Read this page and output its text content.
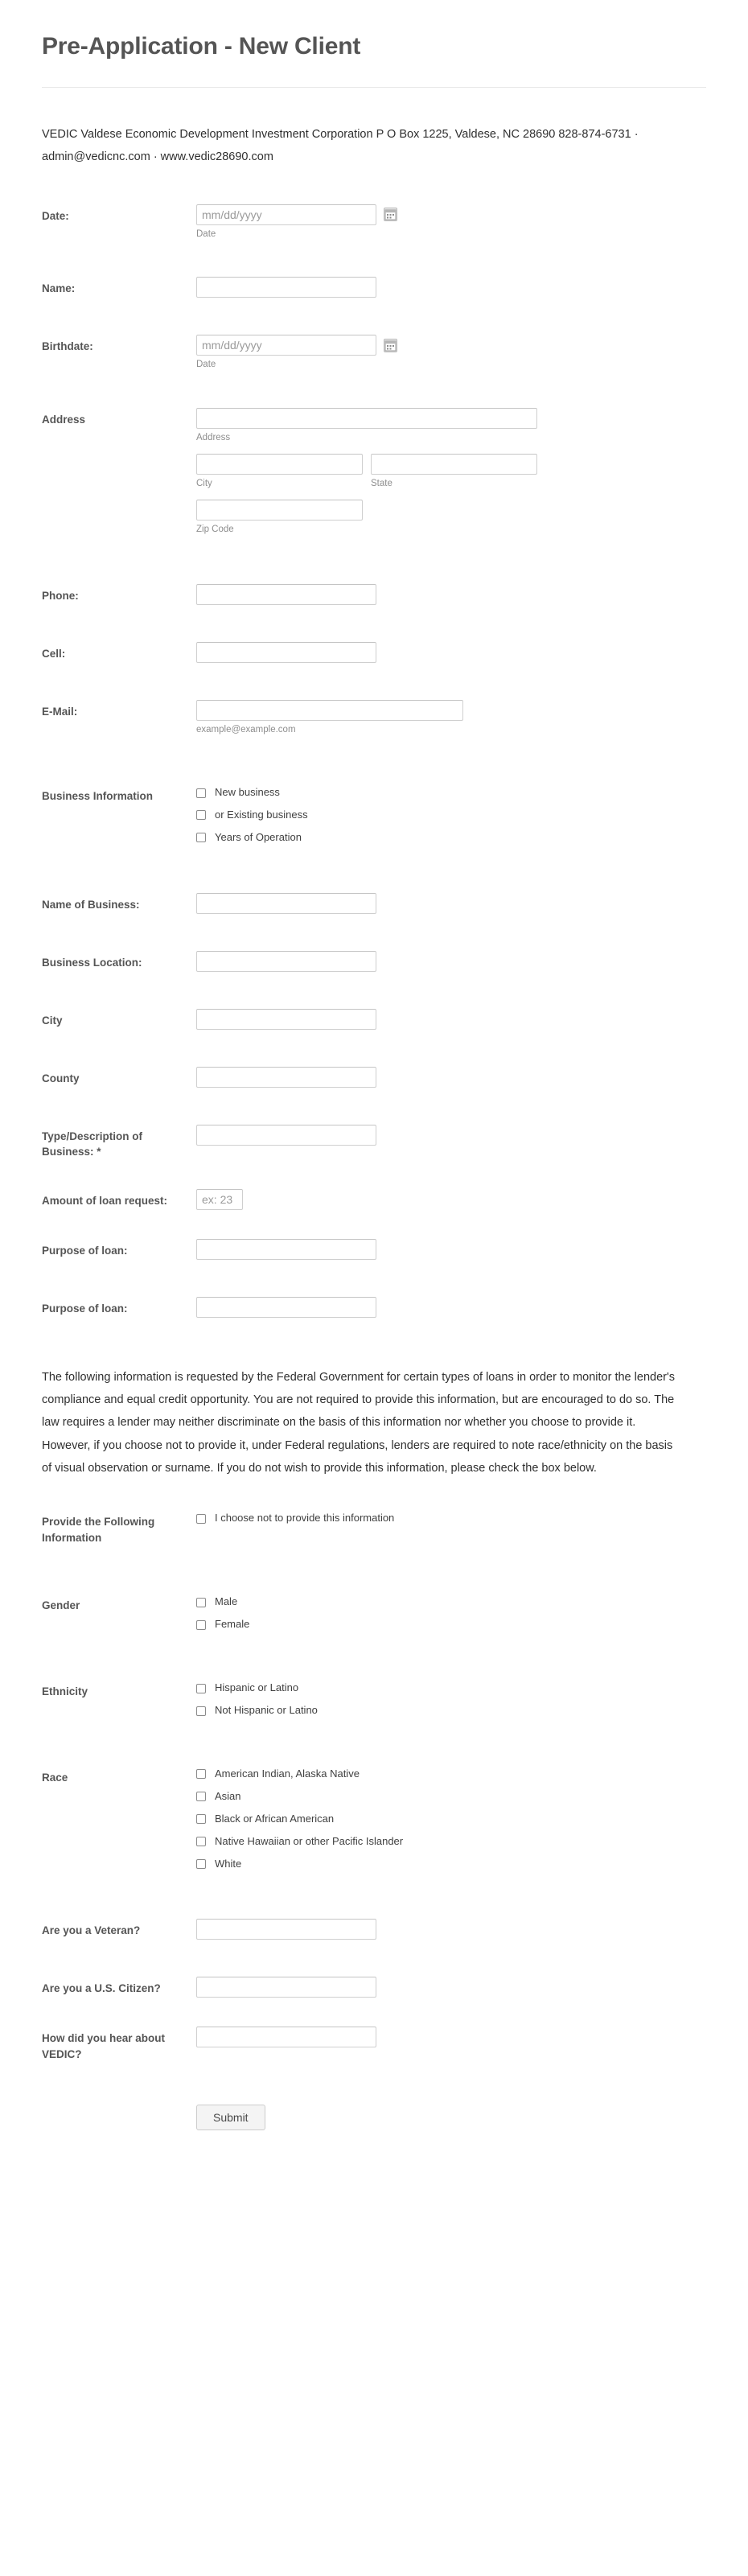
Pre-Application - New Client

VEDIC Valdese Economic Development Investment Corporation P O Box 1225, Valdese, NC 28690 828-874-6731 · admin@vedicnc.com · www.vedic28690.com

Date:
mm/dd/yyyy
Date
Name:
Birthdate:
mm/dd/yyyy
Date
Address
Address
City	State
Zip Code
Phone:
Cell:
E-Mail:
example@example.com
Business Information	New business
or Existing business
Years of Operation
Name of Business:
Business Location:
City
County
Type/Description of Business: *
Amount of loan request:
ex: 23
Purpose of loan:
Purpose of loan:

The following information is requested by the Federal Government for certain types of loans in order to monitor the lender's compliance and equal credit opportunity. You are not required to provide this information, but are encouraged to do so. The law requires a lender may neither discriminate on the basis of this information nor whether you choose to provide it. However, if you choose not to provide it, under Federal regulations, lenders are required to note race/ethnicity on the basis of visual observation or surname. If you do not wish to provide this information, please check the box below.

Provide the Following Information
I choose not to provide this information
Gender	Male
Female
Ethnicity	Hispanic or Latino
Not Hispanic or Latino
Race	American Indian, Alaska Native
Asian
Black or African American
Native Hawaiian or other Pacific Islander
White
Are you a Veteran?
Are you a U.S. Citizen?
How did you hear about VEDIC?
Submit
